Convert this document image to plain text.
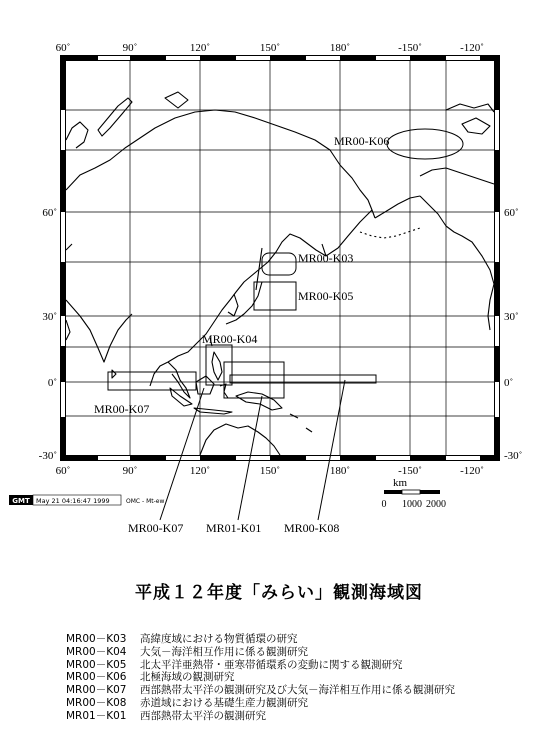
60˚	90˚	120˚	150˚	180˚	-150˚	-120˚
60˚	90˚	120˚	150˚	180˚	-150˚	-120˚
60˚
30˚
0˚
-30˚
60˚
30˚
0˚
-30˚
MR00-K06
MR00-K03
MR00-K05
MR00-K04
MR00-K07
MR00-K07 MR01-K01 MR00-K08
km
0 1000 2000
GMT May 21 04:16:47 1999	OMC - Mt-ew
平成１２年度「みらい」観測海域図
MR00－K03 高緯度域における物質循環の研究
MR00－K04 大気－海洋相互作用に係る観測研究
MR00－K05 北太平洋亜熱帯・亜寒帯循環系の変動に関する観測研究
MR00－K06 北極海域の観測研究
MR00－K07 西部熱帯太平洋の観測研究及び大気－海洋相互作用に係る観測研究
MR00－K08 赤道域における基礎生産力観測研究
MR01－K01 西部熱帯太平洋の観測研究
